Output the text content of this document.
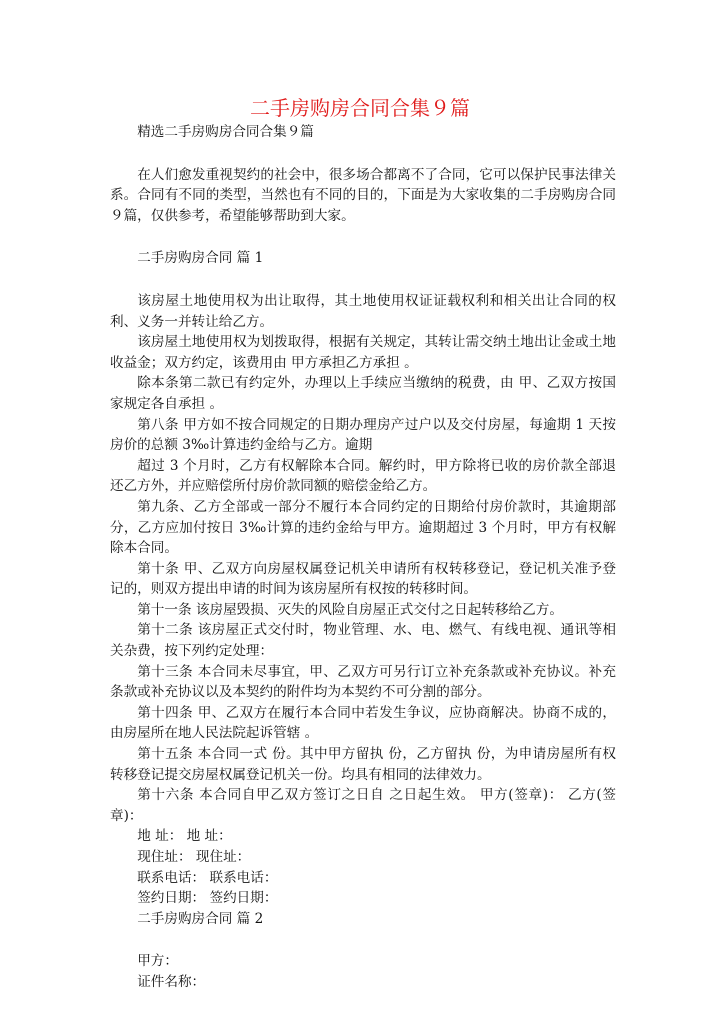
二手房购房合同合集９篇

精选二手房购房合同合集９篇

在人们愈发重视契约的社会中，很多场合都离不了合同，它可以保护民事法律关系。合同有不同的类型，当然也有不同的目的，下面是为大家收集的二手房购房合同９篇，仅供参考，希望能够帮助到大家。

二手房购房合同 篇 1

该房屋土地使用权为出让取得，其土地使用权证证载权利和相关出让合同的权利、义务一并转让给乙方。

该房屋土地使用权为划拨取得，根据有关规定，其转让需交纳土地出让金或土地收益金；双方约定，该费用由 甲方承担乙方承担 。

除本条第二款已有约定外，办理以上手续应当缴纳的税费，由 甲、乙双方按国家规定各自承担 。

第八条 甲方如不按合同规定的日期办理房产过户以及交付房屋，每逾期 1 天按房价的总额 3‰计算违约金给与乙方。逾期

超过 3 个月时，乙方有权解除本合同。解约时，甲方除将已收的房价款全部退还乙方外，并应赔偿所付房价款同额的赔偿金给乙方。

第九条、乙方全部或一部分不履行本合同约定的日期给付房价款时，其逾期部分，乙方应加付按日 3‰计算的违约金给与甲方。逾期超过 3 个月时，甲方有权解除本合同。

第十条 甲、乙双方向房屋权属登记机关申请所有权转移登记，登记机关准予登记的，则双方提出申请的时间为该房屋所有权按的转移时间。

第十一条 该房屋毁损、灭失的风险自房屋正式交付之日起转移给乙方。

第十二条 该房屋正式交付时，物业管理、水、电、燃气、有线电视、通讯等相关杂费，按下列约定处理：

第十三条 本合同未尽事宜，甲、乙双方可另行订立补充条款或补充协议。补充条款或补充协议以及本契约的附件均为本契约不可分割的部分。

第十四条 甲、乙双方在履行本合同中若发生争议，应协商解决。协商不成的，由房屋所在地人民法院起诉管辖 。

第十五条 本合同一式 份。其中甲方留执 份，乙方留执 份，为申请房屋所有权转移登记提交房屋权属登记机关一份。均具有相同的法律效力。

第十六条 本合同自甲乙双方签订之日自 之日起生效。 甲方(签章)： 乙方(签章)：

地 址： 地 址：

现住址： 现住址：

联系电话： 联系电话：

签约日期： 签约日期：

二手房购房合同 篇 2

甲方：

证件名称：
